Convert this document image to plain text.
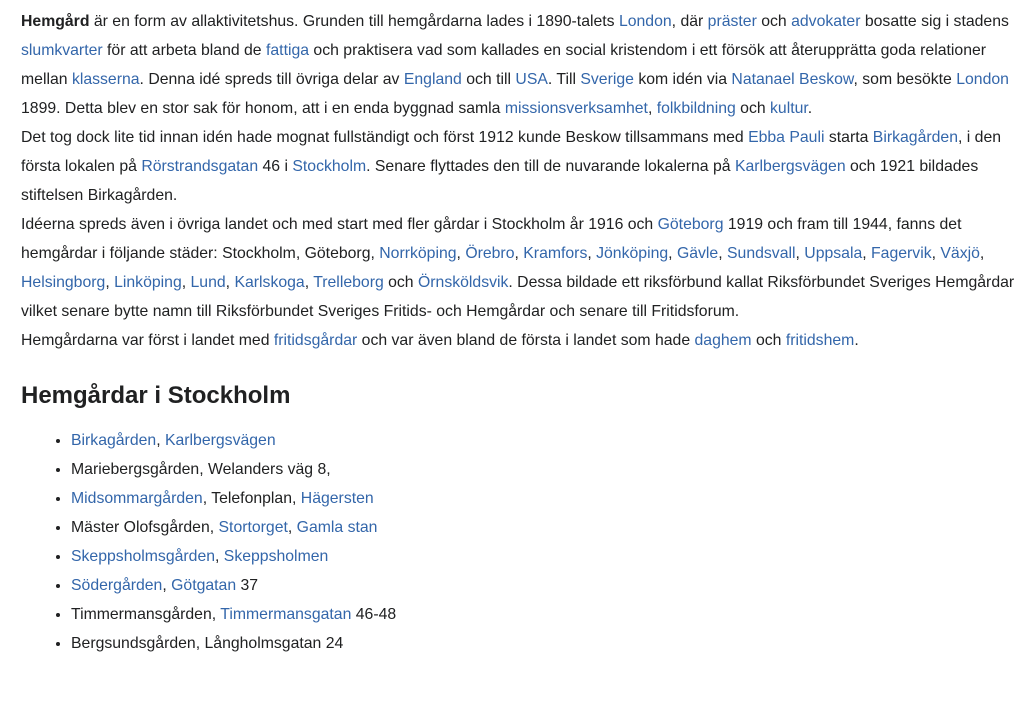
Hemgård är en form av allaktivitetshus. Grunden till hemgårdarna lades i 1890-talets London, där präster och advokater bosatte sig i stadens slumkvarter för att arbeta bland de fattiga och praktisera vad som kallades en social kristendom i ett försök att återupprätta goda relationer mellan klasserna. Denna idé spreds till övriga delar av England och till USA. Till Sverige kom idén via Natanael Beskow, som besökte London 1899. Detta blev en stor sak för honom, att i en enda byggnad samla missionsverksamhet, folkbildning och kultur.

Det tog dock lite tid innan idén hade mognat fullständigt och först 1912 kunde Beskow tillsammans med Ebba Pauli starta Birkagården, i den första lokalen på Rörstrandsgatan 46 i Stockholm. Senare flyttades den till de nuvarande lokalerna på Karlbergsvägen och 1921 bildades stiftelsen Birkagården.

Idéerna spreds även i övriga landet och med start med fler gårdar i Stockholm år 1916 och Göteborg 1919 och fram till 1944, fanns det hemgårdar i följande städer: Stockholm, Göteborg, Norrköping, Örebro, Kramfors, Jönköping, Gävle, Sundsvall, Uppsala, Fagervik, Växjö, Helsingborg, Linköping, Lund, Karlskoga, Trelleborg och Örnsköldsvik. Dessa bildade ett riksförbund kallat Riksförbundet Sveriges Hemgårdar vilket senare bytte namn till Riksförbundet Sveriges Fritids- och Hemgårdar och senare till Fritidsforum.

Hemgårdarna var först i landet med fritidsgårdar och var även bland de första i landet som hade daghem och fritidshem.

Hemgårdar i Stockholm
• Birkagården, Karlbergsvägen
• Mariebergsgården, Welanders väg 8,
• Midsommargården, Telefonplan, Hägersten
• Mäster Olofsgården, Stortorget, Gamla stan
• Skeppsholmsgården, Skeppsholmen
• Södergården, Götgatan 37
• Timmermansgården, Timmermansgatan 46-48
• Bergsundsgården, Långholmsgatan 24
